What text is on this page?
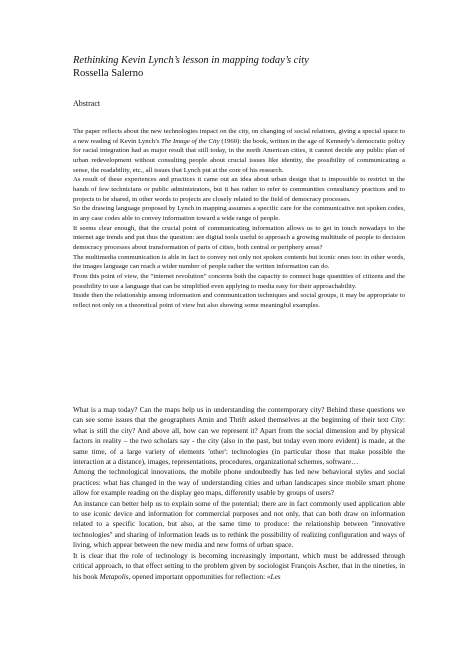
Rethinking Kevin Lynch’s lesson in mapping today’s city
Rossella Salerno
Abstract

The paper reflects about the new technologies impact on the city, on changing of social relations, giving a special space to a new reading of Kevin Lynch’s The Image of the City (1960): the book, written in the age of Kennedy’s democratic policy for racial integration had as major result that still today, in the north American cities, it cannot decide any public plan of urban redevelopment without consulting people about crucial issues like identity, the possibility of communicating a sense, the readability, etc., all issues that Lynch put at the core of his research.

As result of these experiences and practices it came out an idea about urban design that is impossible to restrict in the hands of few technicians or public administrators, but it has rather to refer to communities consultancy practices and to projects to be shared, in other words to projects are closely related to the field of democracy processes.

So the drawing language proposed by Lynch in mapping assumes a specific care for the communicative not spoken codes, in any case codes able to convey information toward a wide range of people.

It seems clear enough, that the crucial point of communicating information allows us to get in touch nowadays to the internet age trends and put thus the question: are digital tools useful to approach a growing multitude of people to decision democracy processes about transformation of parts of cities, both central or periphery areas?

The multimedia communication is able in fact to convey not only not spoken contents but iconic ones too: in other words, the images language can reach a wider number of people rather the written information can do.

From this point of view, the “internet revolution” concerns both the capacity to connect huge quantities of citizens and the possibility to use a language that can be simplified even applying to media easy for their approachability.

Inside then the relationship among information and communication techniques and social groups, it may be appropriate to reflect not only on a theoretical point of view but also showing some meaningful examples.

What is a map today? Can the maps help us in understanding the contemporary city? Behind these questions we can see some issues that the geographers Amin and Thrift asked themselves at the beginning of their text City: what is still the city? And above all, how can we represent it? Apart from the social dimension and by physical factors in reality – the two scholars say - the city (also in the past, but today even more evident) is made, at the same time, of a large variety of elements 'other': technologies (in particular those that make possible the interaction at a distance), images, representations, procedures, organizational schemes, software…

Among the technological innovations, the mobile phone undoubtedly has led new behavioral styles and social practices: what has changed in the way of understanding cities and urban landscapes since mobile smart phone allow for example reading on the display geo maps, differently usable by groups of users?

An instance can better help us to explain some of the potential; there are in fact commonly used application able to use iconic device and information for commercial purposes and not only, that can both draw on information related to a specific location, but also, at the same time to produce: the relationship between "innovative technologies" and sharing of information leads us to rethink the possibility of realizing configuration and ways of living, which appear between the new media and new forms of urban space.

It is clear that the role of technology is becoming increasingly important, which must be addressed through critical approach, to that effect setting to the problem given by sociologist François Ascher, that in the nineties, in his book Metapolis, opened important opportunities for reflection: «Les
